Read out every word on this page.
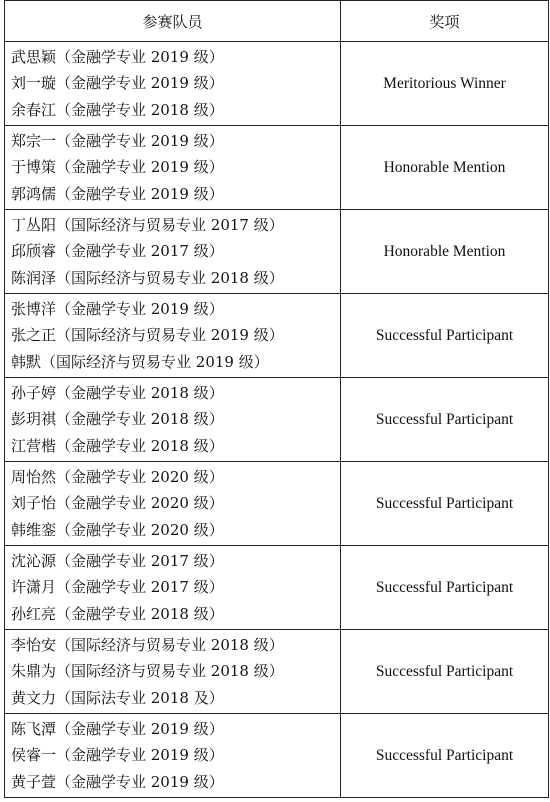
参赛队员	奖项

武思颖（金融学专业 2019 级）
刘一璇（金融学专业 2019 级）
余春江（金融学专业 2018 级）	Meritorious Winner

郑宗一（金融学专业 2019 级）
于博策（金融学专业 2019 级）
郭鸿儒（金融学专业 2019 级）	Honorable Mention

丁丛阳（国际经济与贸易专业 2017 级）
邱颀睿（金融学专业 2017 级）
陈润泽（国际经济与贸易专业 2018 级）	Honorable Mention

张博洋（金融学专业 2019 级）
张之正（国际经济与贸易专业 2019 级）
韩默（国际经济与贸易专业 2019 级）	Successful Participant

孙子婷（金融学专业 2018 级）
彭玥祺（金融学专业 2018 级）
江营楷（金融学专业 2018 级）	Successful Participant

周怡然（金融学专业 2020 级）
刘子怡（金融学专业 2020 级）
韩维銮（金融学专业 2020 级）	Successful Participant

沈沁源（金融学专业 2017 级）
许潇月（金融学专业 2017 级）
孙红亮（金融学专业 2018 级）	Successful Participant

李怡安（国际经济与贸易专业 2018 级）
朱鼎为（国际经济与贸易专业 2018 级）
黄文力（国际法专业 2018 及）	Successful Participant

陈飞潭（金融学专业 2019 级）
侯睿一（金融学专业 2019 级）
黄子萱（金融学专业 2019 级）	Successful Participant
